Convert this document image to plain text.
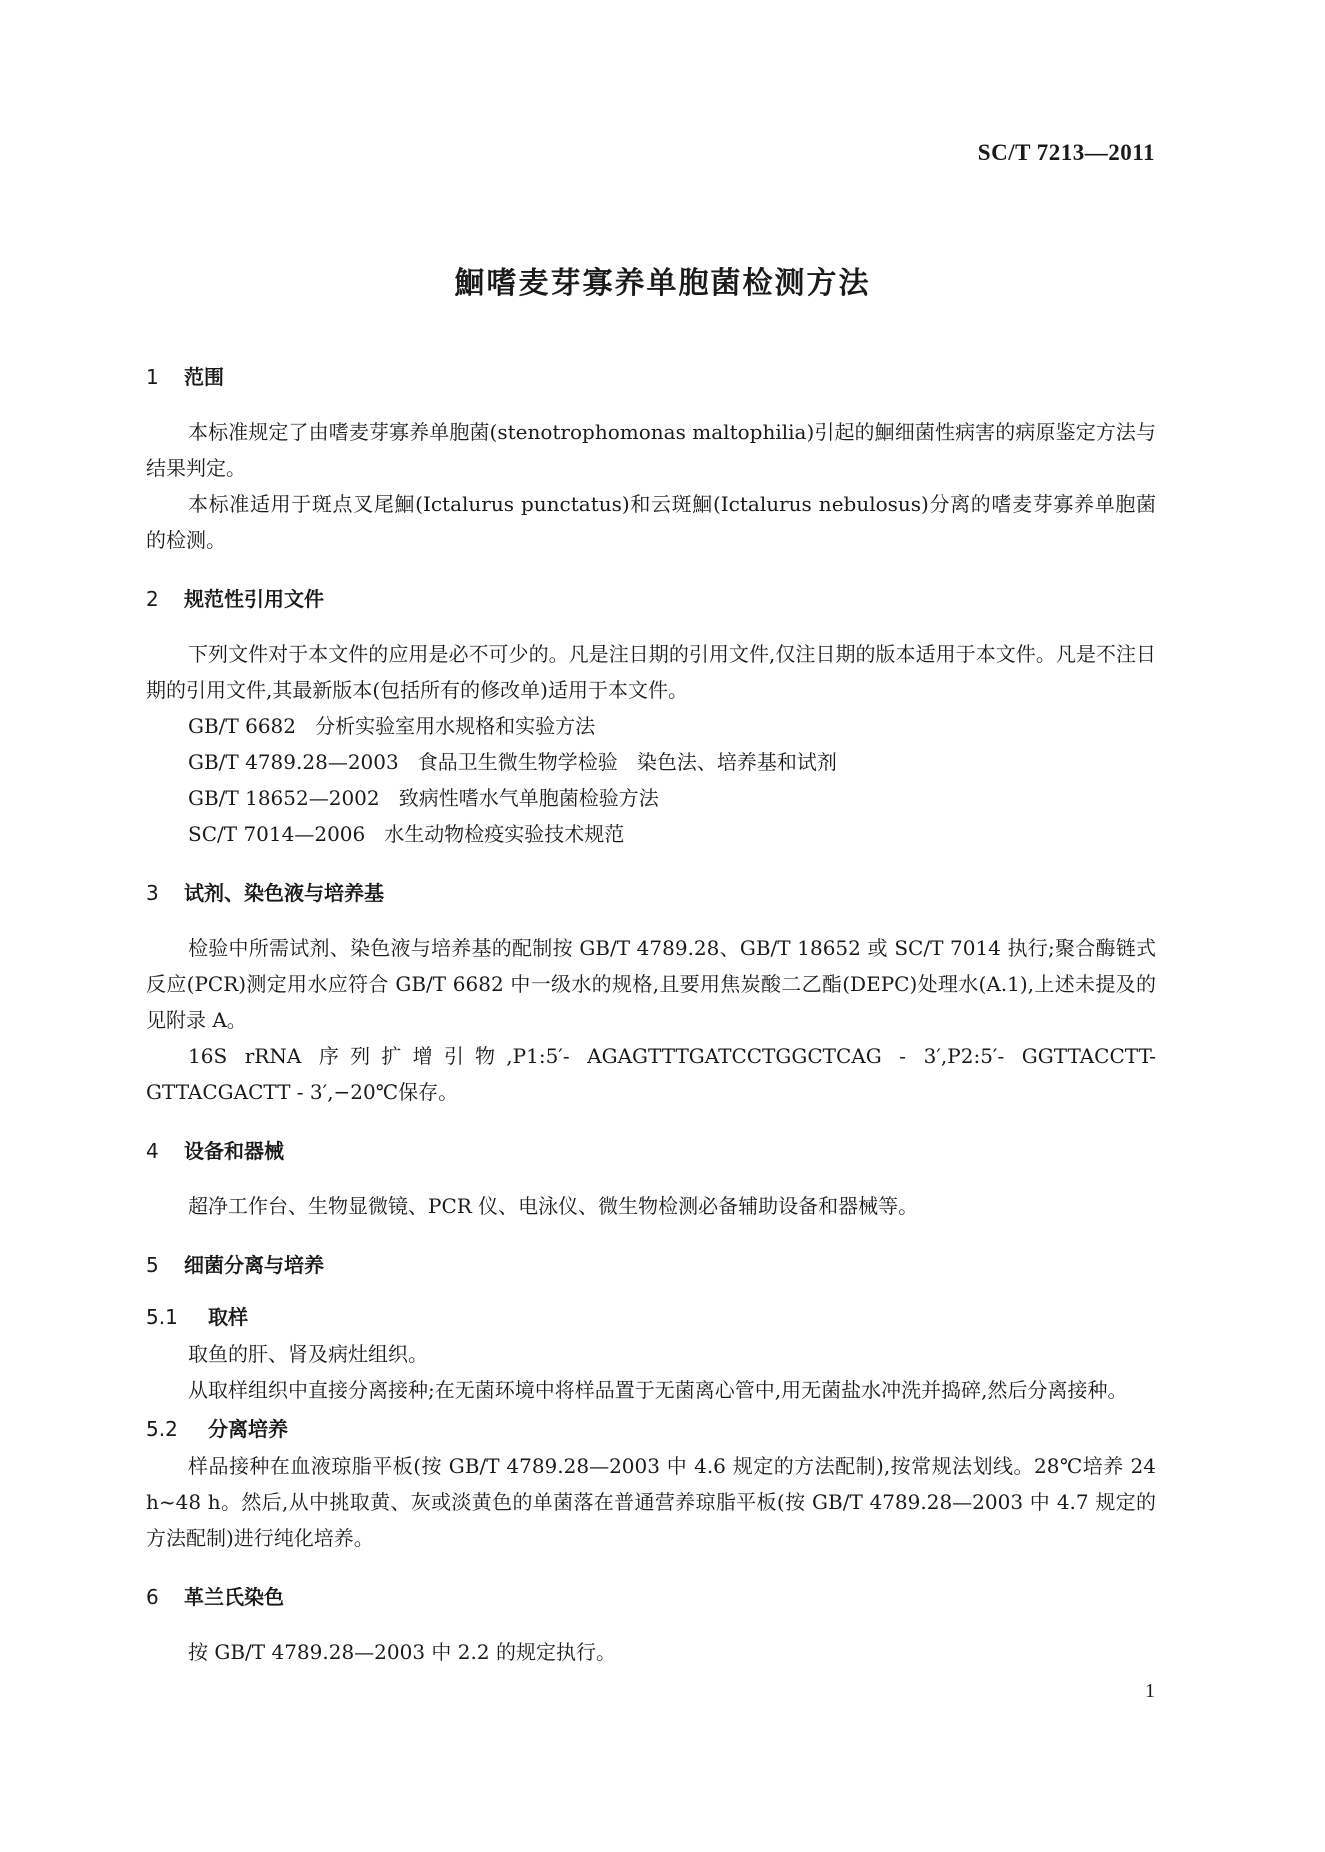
SC/T 7213—2011
鮰嗜麦芽寡养单胞菌检测方法
1 范围

本标准规定了由嗜麦芽寡养单胞菌(stenotrophomonas maltophilia)引起的鮰细菌性病害的病原鉴定方法与结果判定。

本标准适用于斑点叉尾鮰(Ictalurus punctatus)和云斑鮰(Ictalurus nebulosus)分离的嗜麦芽寡养单胞菌的检测。

2 规范性引用文件

下列文件对于本文件的应用是必不可少的。凡是注日期的引用文件,仅注日期的版本适用于本文件。凡是不注日期的引用文件,其最新版本(包括所有的修改单)适用于本文件。

GB/T 6682   分析实验室用水规格和实验方法
GB/T 4789.28—2003   食品卫生微生物学检验   染色法、培养基和试剂
GB/T 18652—2002   致病性嗜水气单胞菌检验方法
SC/T 7014—2006   水生动物检疫实验技术规范
3 试剂、染色液与培养基

检验中所需试剂、染色液与培养基的配制按 GB/T 4789.28、GB/T 18652 或 SC/T 7014 执行;聚合酶链式反应(PCR)测定用水应符合 GB/T 6682 中一级水的规格,且要用焦炭酸二乙酯(DEPC)处理水(A.1),上述未提及的见附录 A。

16S rRNA 序列扩增引物,P1:5′- AGAGTTTGATCCTGGCTCAG - 3′,P2:5′- GGTTACCTT-GTTACGACTT - 3′,−20℃保存。

4 设备和器械

超净工作台、生物显微镜、PCR 仪、电泳仪、微生物检测必备辅助设备和器械等。

5 细菌分离与培养
5.1 取样

取鱼的肝、肾及病灶组织。

从取样组织中直接分离接种;在无菌环境中将样品置于无菌离心管中,用无菌盐水冲洗并捣碎,然后分离接种。

5.2 分离培养

样品接种在血液琼脂平板(按 GB/T 4789.28—2003 中 4.6 规定的方法配制),按常规法划线。28℃培养 24 h~48 h。然后,从中挑取黄、灰或淡黄色的单菌落在普通营养琼脂平板(按 GB/T 4789.28—2003 中 4.7 规定的方法配制)进行纯化培养。

6 革兰氏染色

按 GB/T 4789.28—2003 中 2.2 的规定执行。

1
